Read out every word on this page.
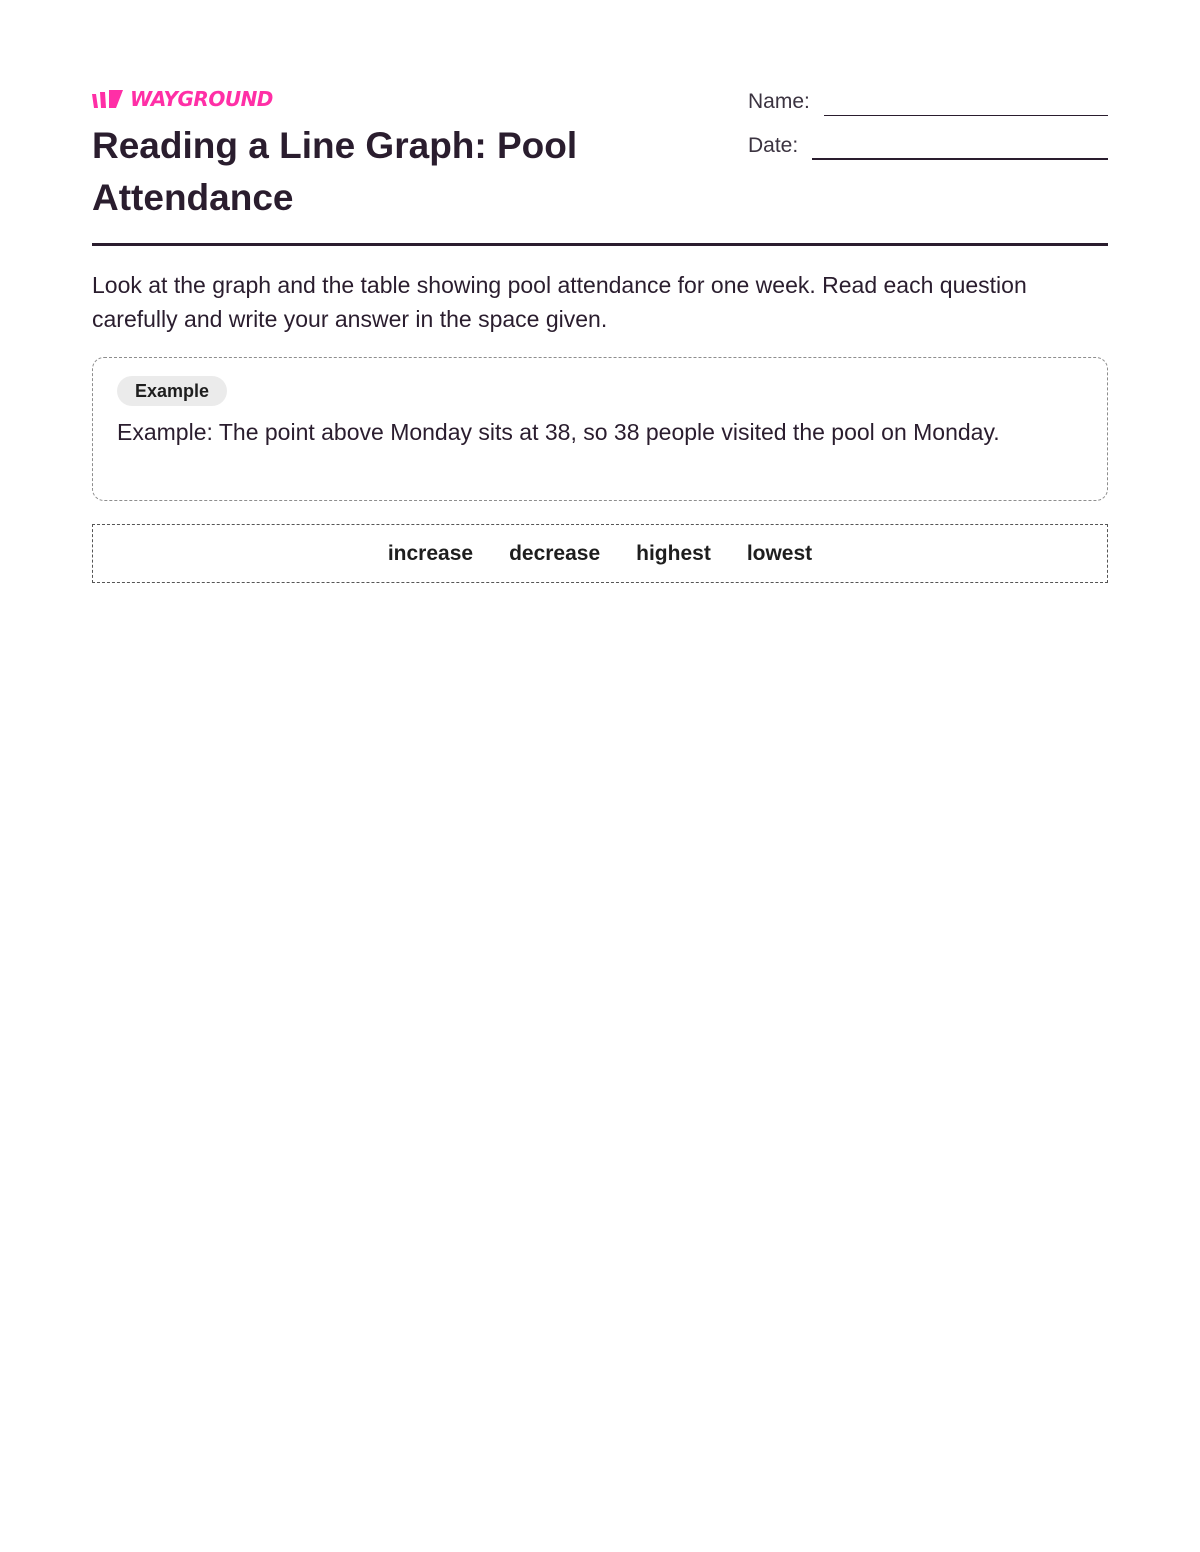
WAYGROUND
Reading a Line Graph: Pool Attendance
Name:
Date:

Look at the graph and the table showing pool attendance for one week. Read each question carefully and write your answer in the space given.

Example

Example: The point above Monday sits at 38, so 38 people visited the pool on Monday.

increase decrease highest lowest
